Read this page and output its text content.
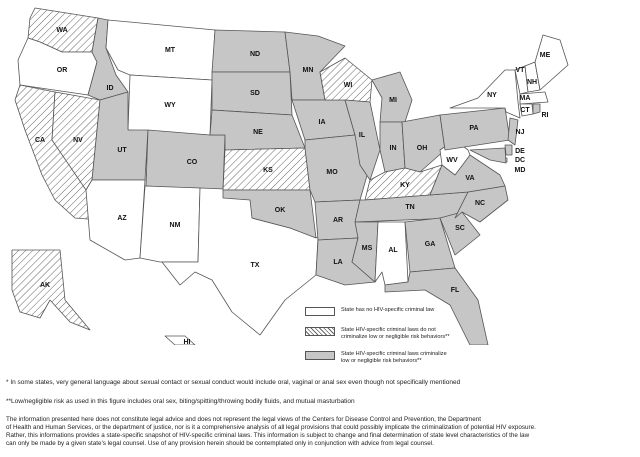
WA
OR
CA	NV
ID
MT
WY
UT
CO
AZ
NM
TX
ND
SD
NE
KS
OK
MN
IA
MO
AR
LA
WI
IL
MI
IN	OH
KY
TN
MS AL
GA
FL
SC
NC
VA
WV
PA
NY
VT
NH
ME
MA
CT
RI
NJ
DE
DC
MD
AK
HI
State has no HIV-specific criminal law
State HIV-specific criminal laws do not
criminalize low or negligible risk behaviors**
State HIV-specific criminal laws criminalize
low or negligible risk behaviors**
* In some states, very general language about sexual contact or sexual conduct would include oral, vaginal or anal sex even though not specifically mentioned
**Low/negligible risk as used in this figure includes oral sex, biting/spitting/throwing bodily fluids, and mutual masturbation
The information presented here does not constitute legal advice and does not represent the legal views of the Centers for Disease Control and Prevention, the Department
of Health and Human Services, or the department of justice, nor is it a comprehensive analysis of all legal provisions that could possibly implicate the criminalization of potential HIV exposure.
Rather, this informations provides a state-specific snapshot of HIV-specific criminal laws. This information is subject to change and final determination of state level characteristics of the law
can only be made by a given state's legal counsel. Use of any provision herein should be contemplated only in conjunction with advice from legal counsel.
